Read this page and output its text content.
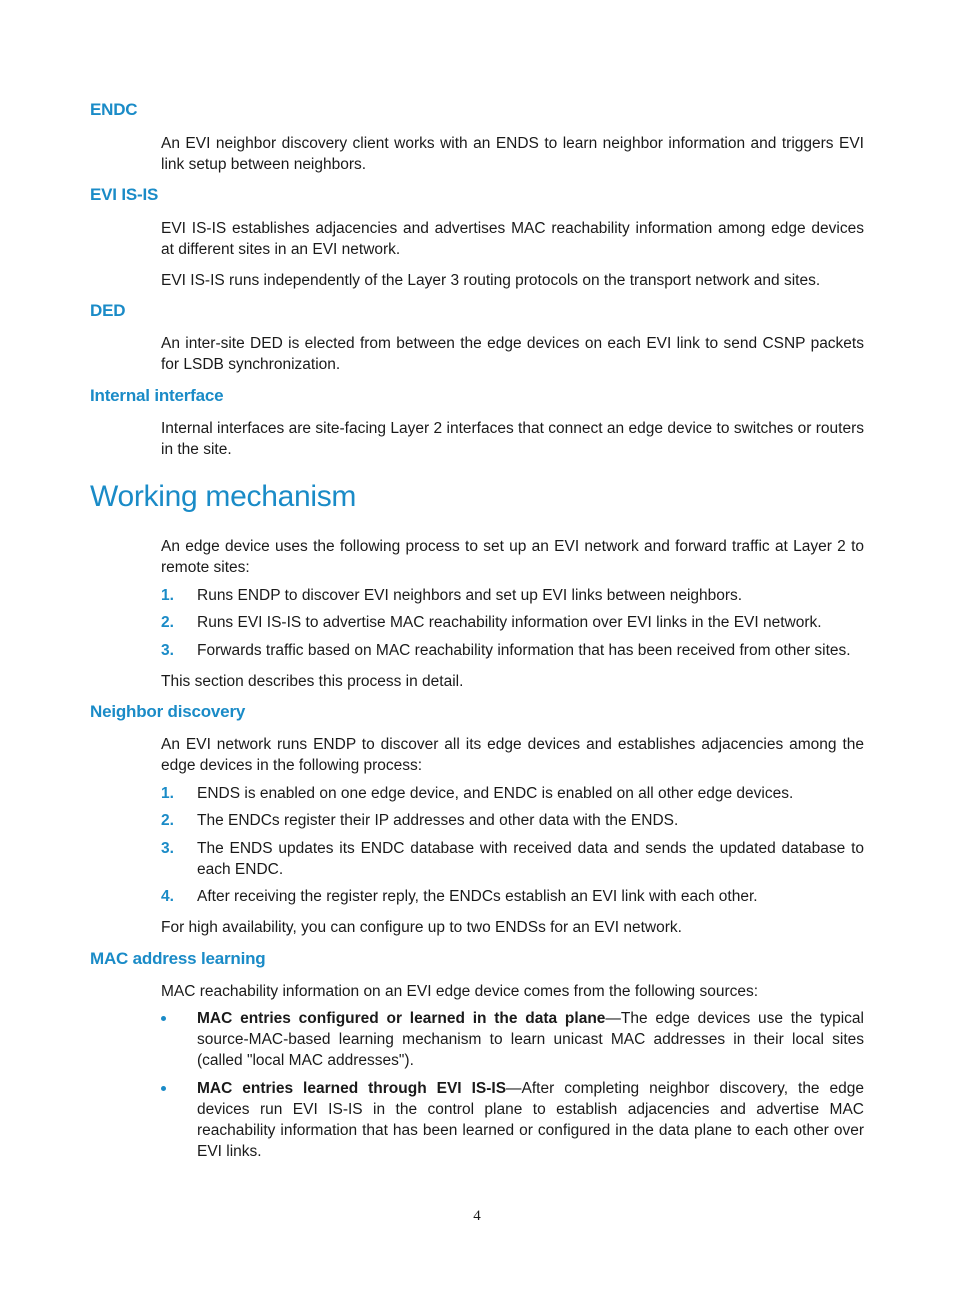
ENDC
An EVI neighbor discovery client works with an ENDS to learn neighbor information and triggers EVI link setup between neighbors.
EVI IS-IS
EVI IS-IS establishes adjacencies and advertises MAC reachability information among edge devices at different sites in an EVI network.
EVI IS-IS runs independently of the Layer 3 routing protocols on the transport network and sites.
DED
An inter-site DED is elected from between the edge devices on each EVI link to send CSNP packets for LSDB synchronization.
Internal interface
Internal interfaces are site-facing Layer 2 interfaces that connect an edge device to switches or routers in the site.
Working mechanism
An edge device uses the following process to set up an EVI network and forward traffic at Layer 2 to remote sites:
1. Runs ENDP to discover EVI neighbors and set up EVI links between neighbors.
2. Runs EVI IS-IS to advertise MAC reachability information over EVI links in the EVI network.
3. Forwards traffic based on MAC reachability information that has been received from other sites.
This section describes this process in detail.
Neighbor discovery
An EVI network runs ENDP to discover all its edge devices and establishes adjacencies among the edge devices in the following process:
1. ENDS is enabled on one edge device, and ENDC is enabled on all other edge devices.
2. The ENDCs register their IP addresses and other data with the ENDS.
3. The ENDS updates its ENDC database with received data and sends the updated database to each ENDC.
4. After receiving the register reply, the ENDCs establish an EVI link with each other.
For high availability, you can configure up to two ENDSs for an EVI network.
MAC address learning
MAC reachability information on an EVI edge device comes from the following sources:
MAC entries configured or learned in the data plane—The edge devices use the typical source-MAC-based learning mechanism to learn unicast MAC addresses in their local sites (called "local MAC addresses").
MAC entries learned through EVI IS-IS—After completing neighbor discovery, the edge devices run EVI IS-IS in the control plane to establish adjacencies and advertise MAC reachability information that has been learned or configured in the data plane to each other over EVI links.
4
